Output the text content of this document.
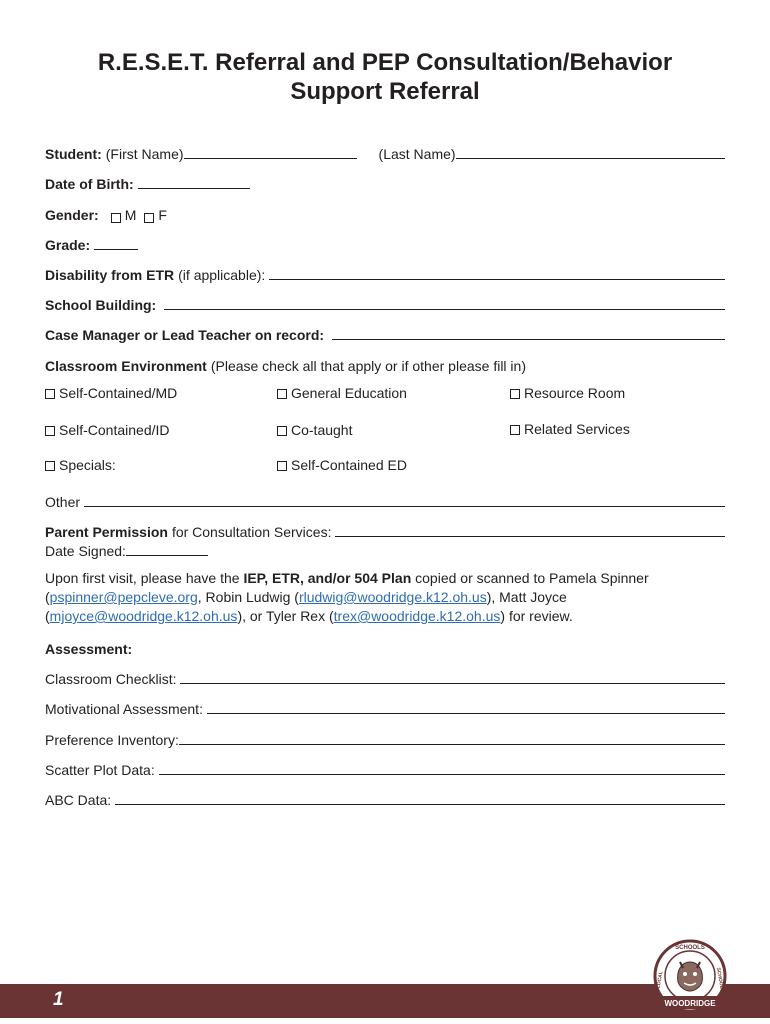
R.E.S.E.T. Referral and PEP Consultation/Behavior
Support Referral
Student: (First Name)	(Last Name)
Date of Birth:
Gender: M F
Grade:
Disability from ETR (if applicable):
School Building:
Case Manager or Lead Teacher on record:
Classroom Environment (Please check all that apply or if other please fill in)
Self-Contained/MD	General Education	Resource Room
Self-Contained/ID	Co-taught	Related Services
Specials:	Self-Contained ED
Other
Parent Permission for Consultation Services:
Date Signed:
Upon first visit, please have the IEP, ETR, and/or 504 Plan copied or scanned to Pamela Spinner (pspinner@pepcleve.org, Robin Ludwig (rludwig@woodridge.k12.oh.us), Matt Joyce (mjoyce@woodridge.k12.oh.us), or Tyler Rex (trex@woodridge.k12.oh.us) for review.
Assessment:
Classroom Checklist:
Motivational Assessment:
Preference Inventory:
Scatter Plot Data:
ABC Data:
1	WOODRIDGE
SCHOOLS
LOCAL	SCHOOLS
